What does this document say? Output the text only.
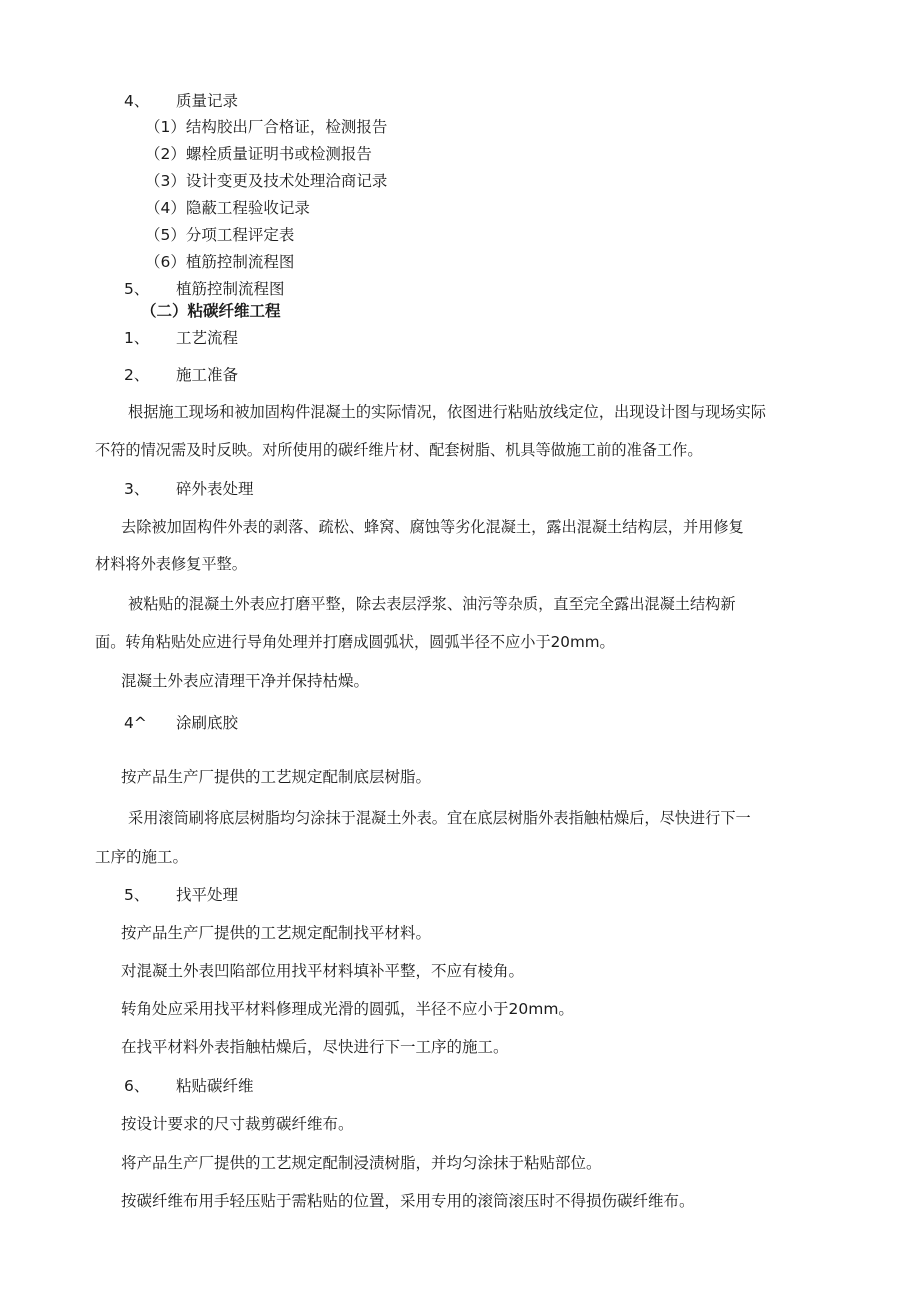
4、 质量记录
（1）结构胶出厂合格证，检测报告
（2）螺栓质量证明书或检测报告
（3）设计变更及技术处理洽商记录
（4）隐蔽工程验收记录
（5）分项工程评定表
（6）植筋控制流程图
5、 植筋控制流程图
（二）粘碳纤维工程
1、 工艺流程
2、 施工准备
根据施工现场和被加固构件混凝土的实际情况，依图进行粘贴放线定位，出现设计图与现场实际
不符的情况需及时反映。对所使用的碳纤维片材、配套树脂、机具等做施工前的准备工作。
3、 碎外表处理
去除被加固构件外表的剥落、疏松、蜂窝、腐蚀等劣化混凝土，露出混凝土结构层，并用修复
材料将外表修复平整。
被粘贴的混凝土外表应打磨平整，除去表层浮浆、油污等杂质，直至完全露出混凝土结构新
面。转角粘贴处应进行导角处理并打磨成圆弧状，圆弧半径不应小于20mm。
混凝土外表应清理干净并保持枯燥。
4^ 涂刷底胶
按产品生产厂提供的工艺规定配制底层树脂。
采用滚筒刷将底层树脂均匀涂抹于混凝土外表。宜在底层树脂外表指触枯燥后，尽快进行下一
工序的施工。
5、 找平处理
按产品生产厂提供的工艺规定配制找平材料。
对混凝土外表凹陷部位用找平材料填补平整，不应有棱角。
转角处应采用找平材料修理成光滑的圆弧，半径不应小于20mm。
在找平材料外表指触枯燥后，尽快进行下一工序的施工。
6、 粘贴碳纤维
按设计要求的尺寸裁剪碳纤维布。
将产品生产厂提供的工艺规定配制浸渍树脂，并均匀涂抹于粘贴部位。
按碳纤维布用手轻压贴于需粘贴的位置，采用专用的滚筒滚压时不得损伤碳纤维布。
